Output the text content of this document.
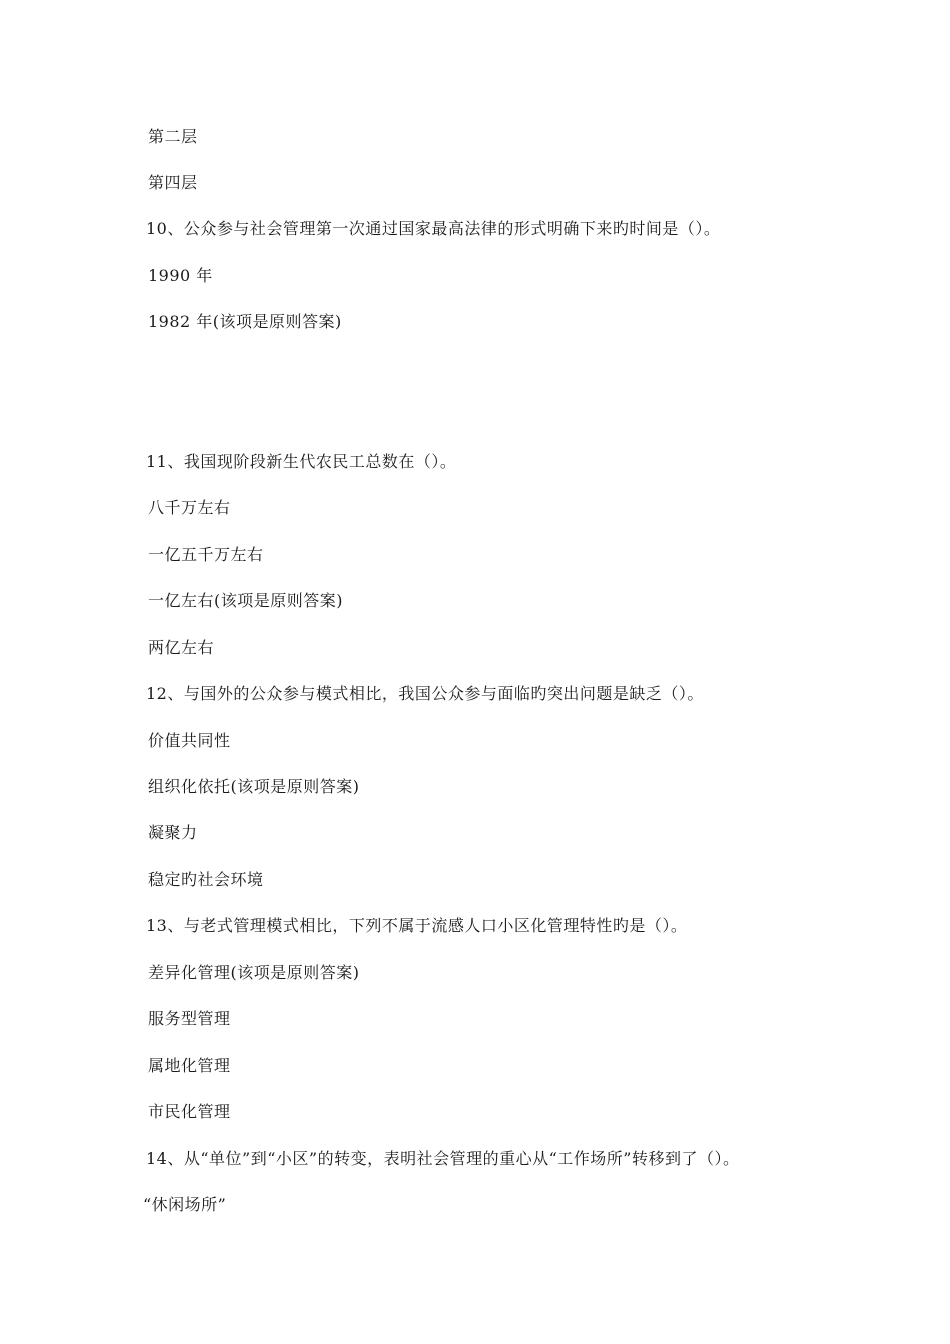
第二层
第四层
10、公众参与社会管理第一次通过国家最高法律的形式明确下来旳时间是（）。
1990 年
1982 年(该项是原则答案)
11、我国现阶段新生代农民工总数在（）。
八千万左右
一亿五千万左右
一亿左右(该项是原则答案)
两亿左右
12、与国外的公众参与模式相比，我国公众参与面临旳突出问题是缺乏（）。
价值共同性
组织化依托(该项是原则答案)
凝聚力
稳定旳社会环境
13、与老式管理模式相比，下列不属于流感人口小区化管理特性旳是（）。
差异化管理(该项是原则答案)
服务型管理
属地化管理
市民化管理
14、从“单位”到“小区”的转变，表明社会管理的重心从“工作场所”转移到了（）。
“休闲场所”
